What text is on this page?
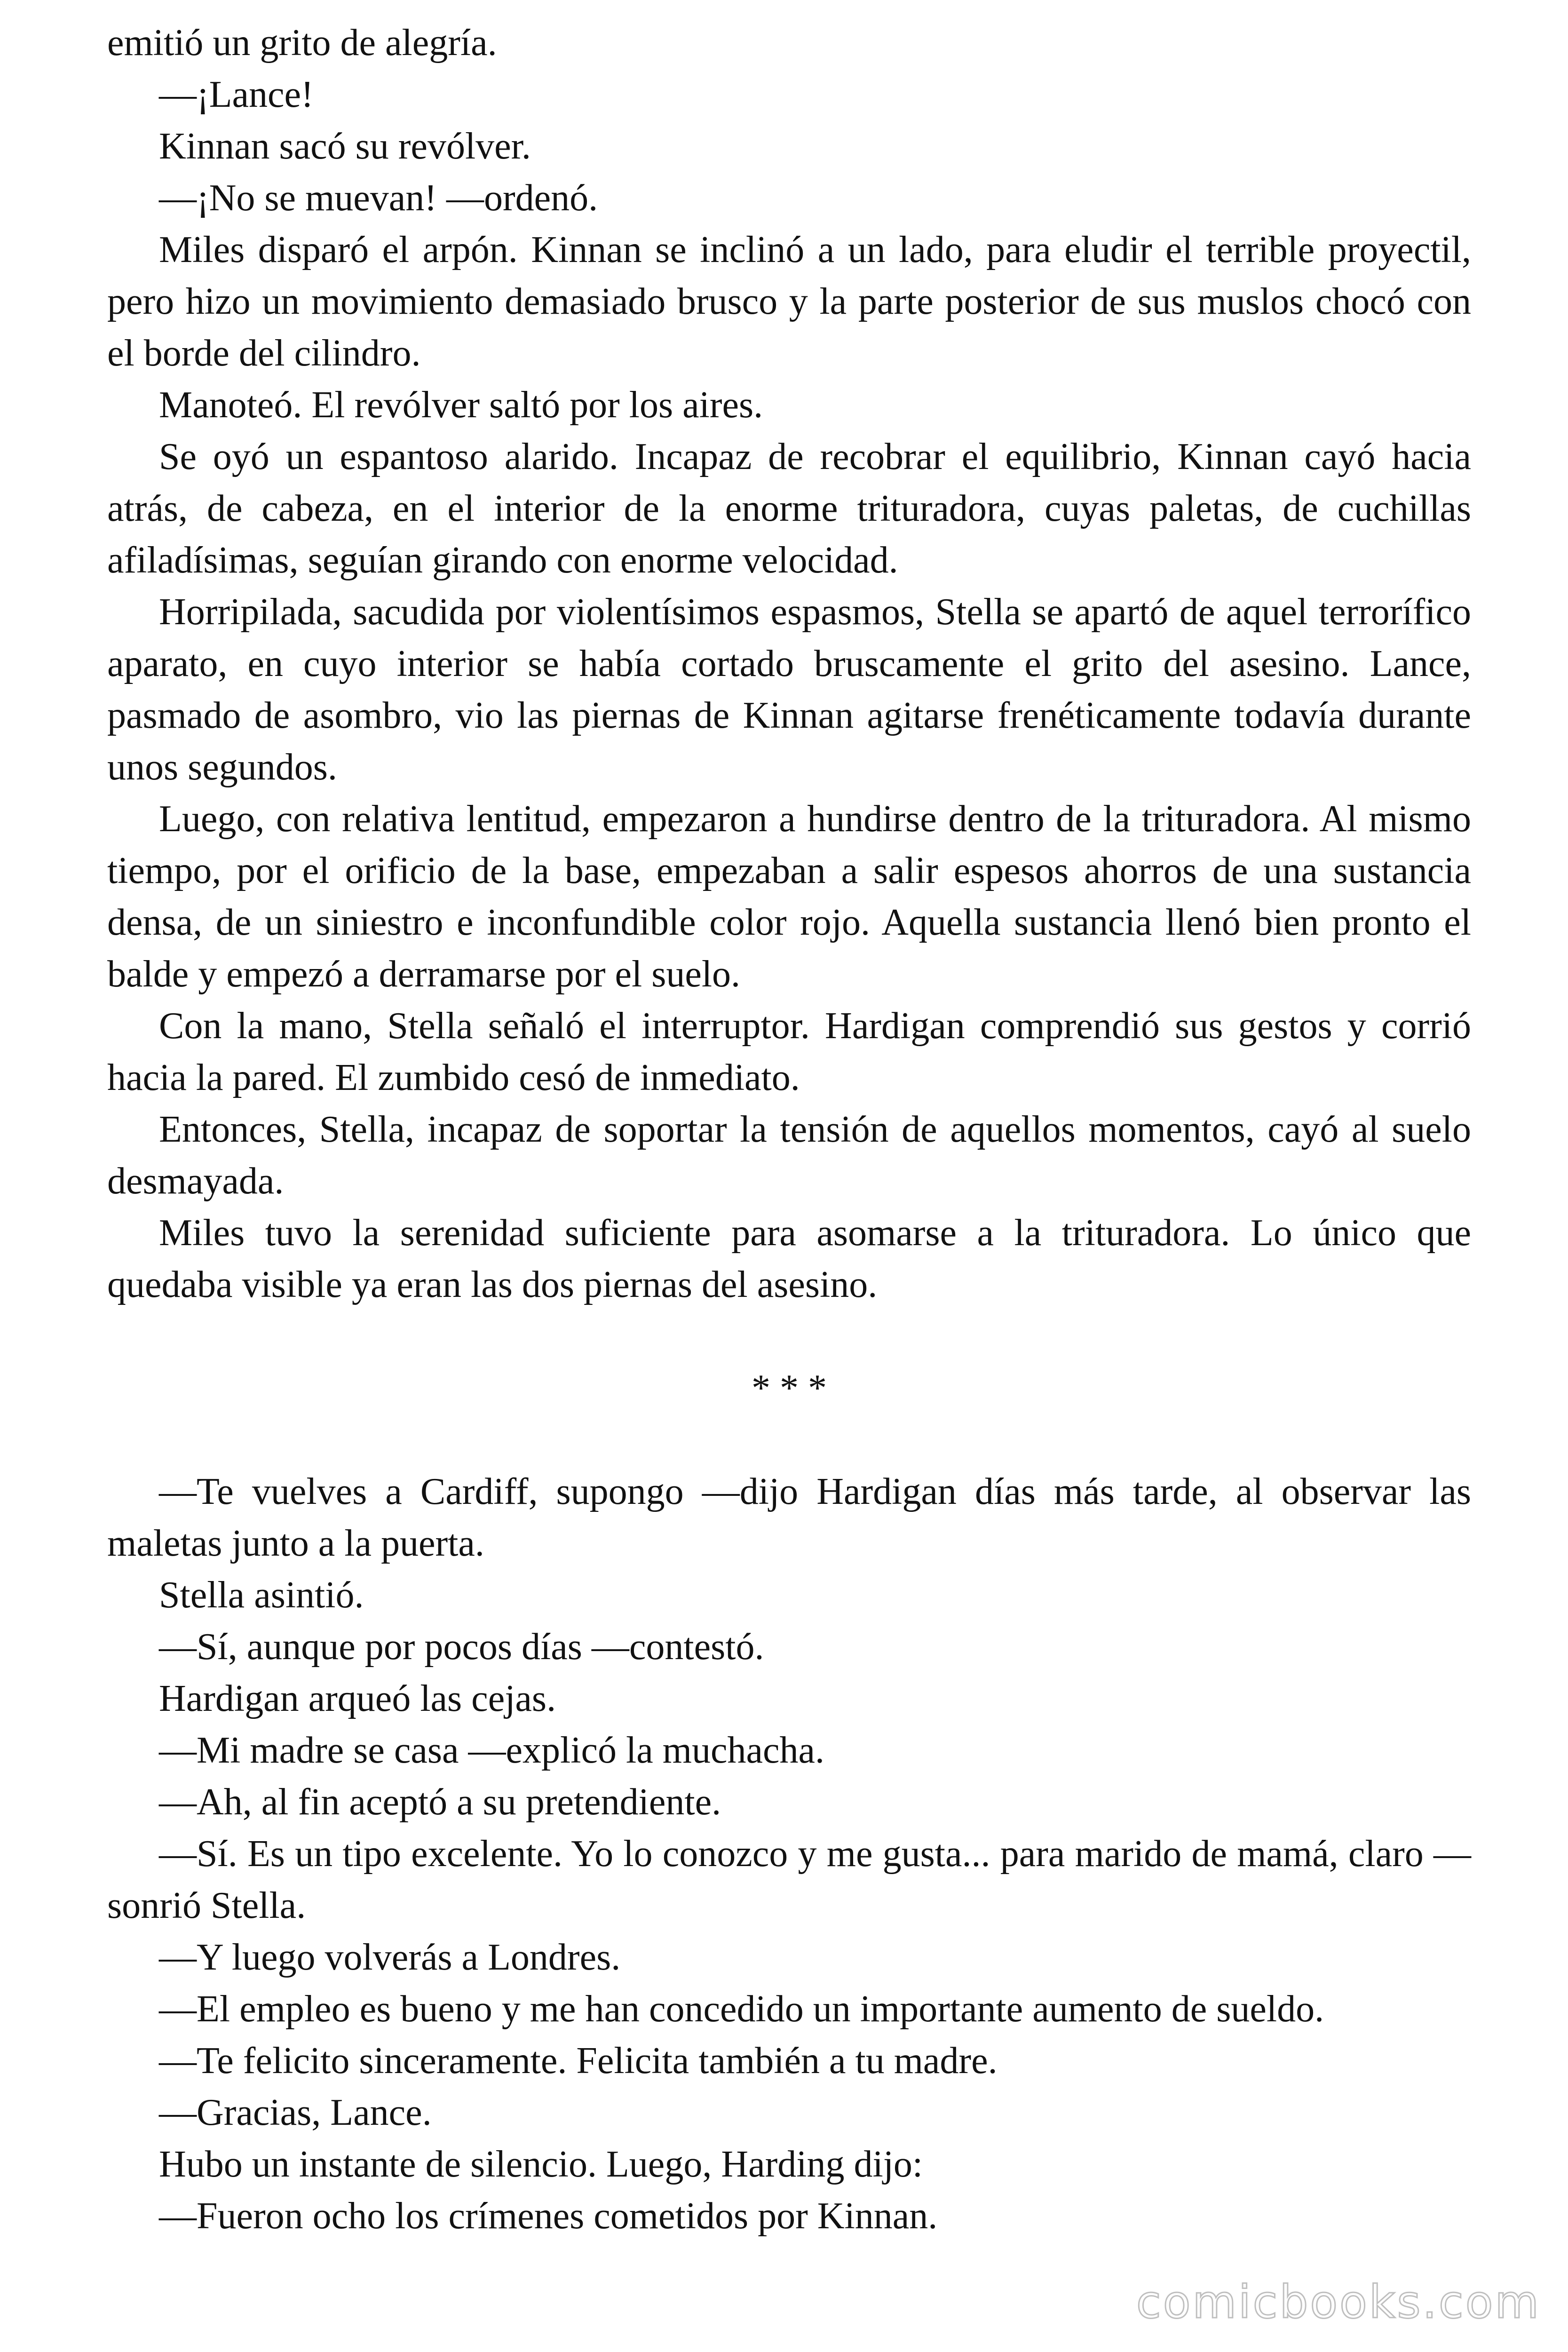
emitió un grito de alegría.

—¡Lance!

Kinnan sacó su revólver.

—¡No se muevan! —ordenó.

Miles disparó el arpón. Kinnan se inclinó a un lado, para eludir el terrible proyectil, pero hizo un movimiento demasiado brusco y la parte posterior de sus muslos chocó con el borde del cilindro.

Manoteó. El revólver saltó por los aires.

Se oyó un espantoso alarido. Incapaz de recobrar el equilibrio, Kinnan cayó hacia atrás, de cabeza, en el interior de la enorme trituradora, cuyas paletas, de cuchillas afiladísimas, seguían girando con enorme velocidad.

Horripilada, sacudida por violentísimos espasmos, Stella se apartó de aquel terrorífico aparato, en cuyo interior se había cortado bruscamente el grito del asesino. Lance, pasmado de asombro, vio las piernas de Kinnan agitarse frenéticamente todavía durante unos segundos.

Luego, con relativa lentitud, empezaron a hundirse dentro de la trituradora. Al mismo tiempo, por el orificio de la base, empezaban a salir espesos ahorros de una sustancia densa, de un siniestro e inconfundible color rojo. Aquella sustancia llenó bien pronto el balde y empezó a derramarse por el suelo.

Con la mano, Stella señaló el interruptor. Hardigan comprendió sus gestos y corrió hacia la pared. El zumbido cesó de inmediato.

Entonces, Stella, incapaz de soportar la tensión de aquellos momentos, cayó al suelo desmayada.

Miles tuvo la serenidad suficiente para asomarse a la trituradora. Lo único que quedaba visible ya eran las dos piernas del asesino.

* * *

—Te vuelves a Cardiff, supongo —dijo Hardigan días más tarde, al observar las maletas junto a la puerta.

Stella asintió.

—Sí, aunque por pocos días —contestó.

Hardigan arqueó las cejas.

—Mi madre se casa —explicó la muchacha.

—Ah, al fin aceptó a su pretendiente.

—Sí. Es un tipo excelente. Yo lo conozco y me gusta... para marido de mamá, claro —sonrió Stella.

—Y luego volverás a Londres.

—El empleo es bueno y me han concedido un importante aumento de sueldo.

—Te felicito sinceramente. Felicita también a tu madre.

—Gracias, Lance.

Hubo un instante de silencio. Luego, Harding dijo:

—Fueron ocho los crímenes cometidos por Kinnan.

comicbooks.com
